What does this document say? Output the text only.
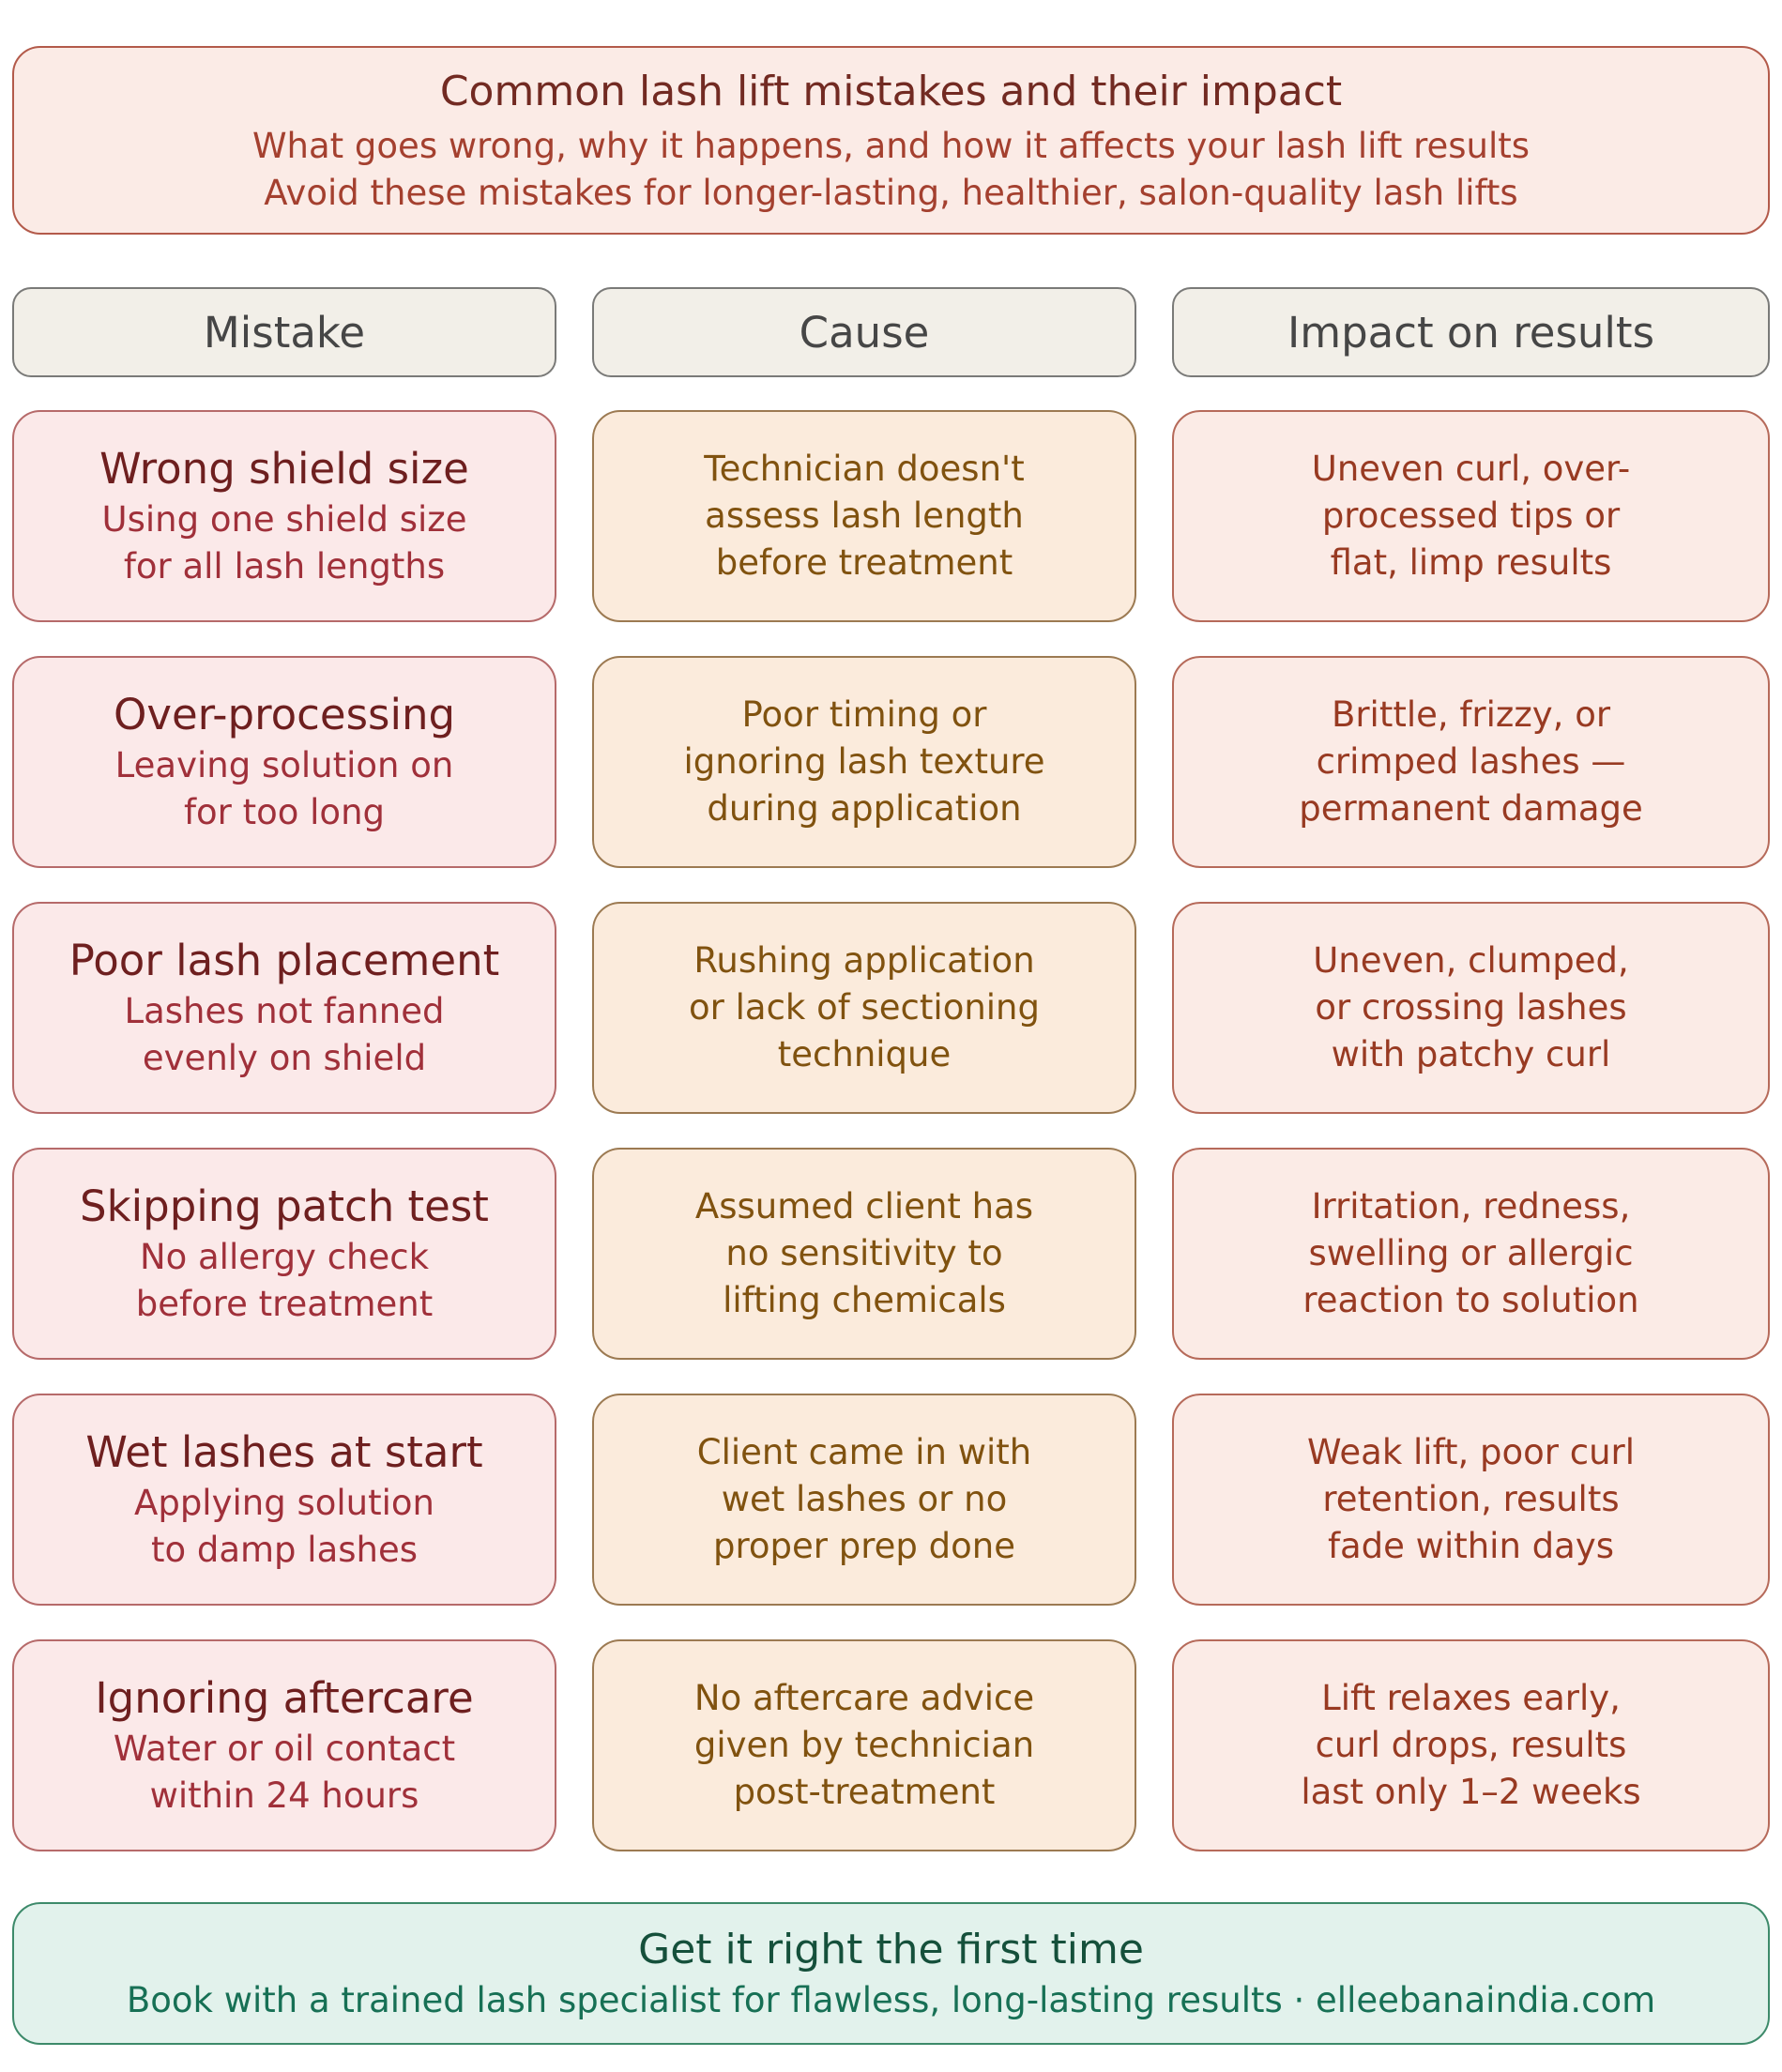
Common lash lift mistakes and their impact
What goes wrong, why it happens, and how it affects your lash lift results
Avoid these mistakes for longer-lasting, healthier, salon-quality lash lifts
Mistake	Cause	Impact on results
Wrong shield size
Using one shield size
for all lash lengths
Technician doesn't
assess lash length
before treatment
Uneven curl, over-
processed tips or
flat, limp results
Over-processing
Leaving solution on
for too long
Poor timing or
ignoring lash texture
during application
Brittle, frizzy, or
crimped lashes —
permanent damage
Poor lash placement
Lashes not fanned
evenly on shield
Rushing application
or lack of sectioning
technique
Uneven, clumped,
or crossing lashes
with patchy curl
Skipping patch test
No allergy check
before treatment
Assumed client has
no sensitivity to
lifting chemicals
Irritation, redness,
swelling or allergic
reaction to solution
Wet lashes at start
Applying solution
to damp lashes
Client came in with
wet lashes or no
proper prep done
Weak lift, poor curl
retention, results
fade within days
Ignoring aftercare
Water or oil contact
within 24 hours
No aftercare advice
given by technician
post-treatment
Lift relaxes early,
curl drops, results
last only 1–2 weeks
Get it right the first time
Book with a trained lash specialist for flawless, long-lasting results · elleebanaindia.com
